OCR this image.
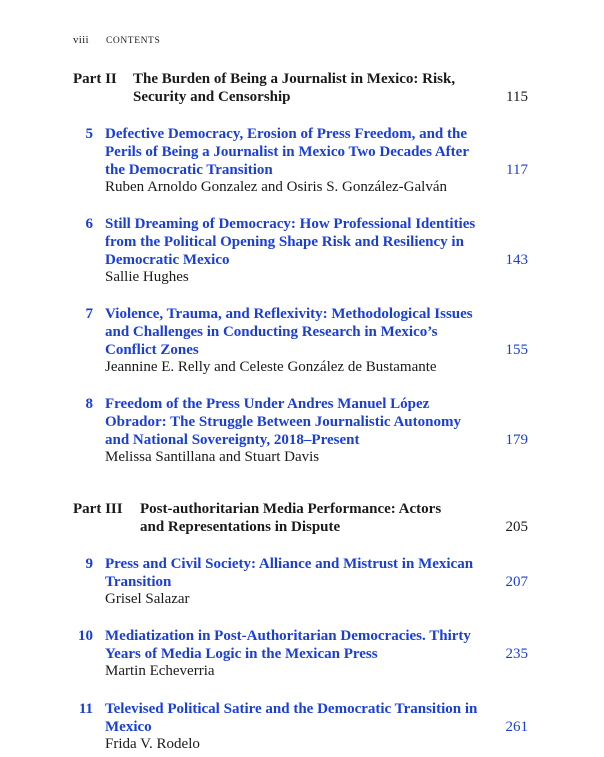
viii CONTENTS
Part II The Burden of Being a Journalist in Mexico: Risk, Security and Censorship	115
5 Defective Democracy, Erosion of Press Freedom, and the Perils of Being a Journalist in Mexico Two Decades After the Democratic Transition
Ruben Arnoldo Gonzalez and Osiris S. González-Galván
117
6 Still Dreaming of Democracy: How Professional Identities from the Political Opening Shape Risk and Resiliency in Democratic Mexico
Sallie Hughes
143
7 Violence, Trauma, and Reflexivity: Methodological Issues and Challenges in Conducting Research in Mexico’s Conflict Zones
Jeannine E. Relly and Celeste González de Bustamante
155
8 Freedom of the Press Under Andres Manuel López Obrador: The Struggle Between Journalistic Autonomy and National Sovereignty, 2018–Present
Melissa Santillana and Stuart Davis
179
Part III Post-authoritarian Media Performance: Actors and Representations in Dispute	205
9 Press and Civil Society: Alliance and Mistrust in Mexican Transition
Grisel Salazar
207
10 Mediatization in Post-Authoritarian Democracies. Thirty Years of Media Logic in the Mexican Press
Martin Echeverria
235
11 Televised Political Satire and the Democratic Transition in Mexico
Frida V. Rodelo
261
